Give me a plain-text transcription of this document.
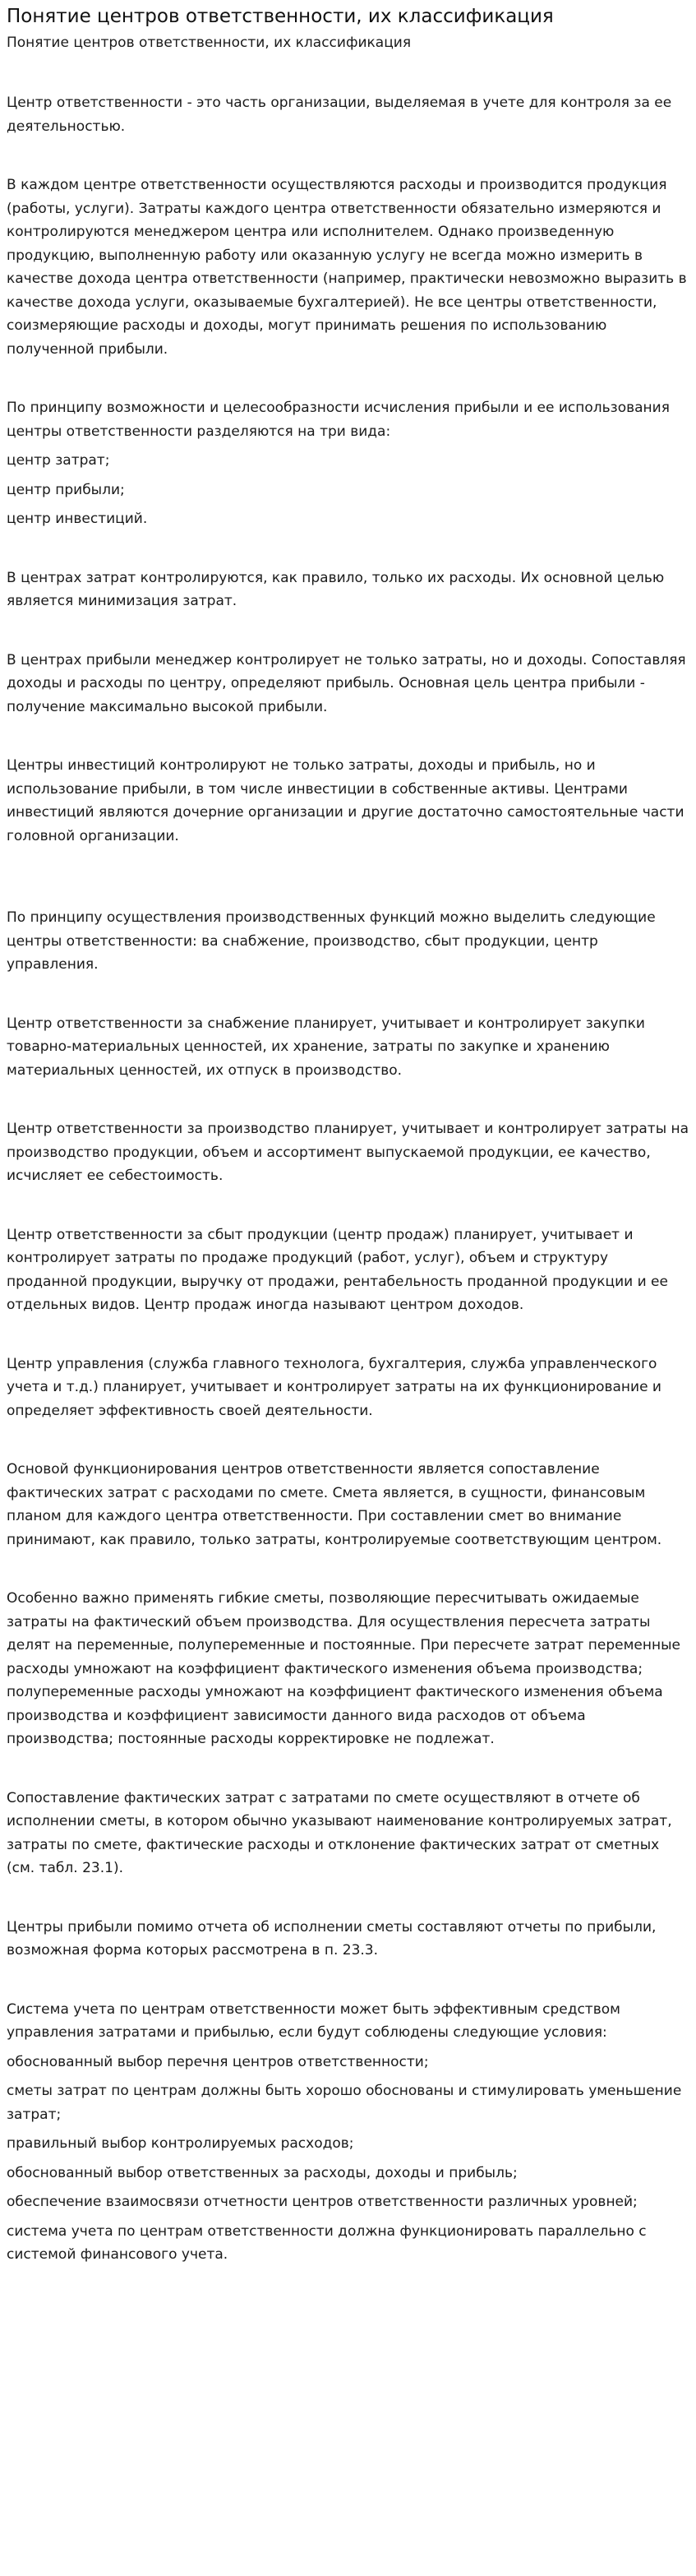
Понятие центров ответственности, их классификация
Понятие центров ответственности, их классификация

Центр ответственности - это часть организации, выделяемая в учете для контроля за ее деятельностью.

В каждом центре ответственности осуществляются расходы и производится продукция (работы, услуги). Затраты каждого центра ответственности обязательно измеряются и контролируются менеджером центра или исполнителем. Однако произведенную продукцию, выполненную работу или оказанную услугу не всегда можно измерить в качестве дохода центра ответственности (например, практически невозможно выразить в качестве дохода услуги, оказываемые бухгалтерией). Не все центры ответственности, соизмеряющие расходы и доходы, могут принимать решения по использованию полученной прибыли.

По принципу возможности и целесообразности исчисления прибыли и ее использования центры ответственности разделяются на три вида:

центр затрат;

центр прибыли;

центр инвестиций.

В центрах затрат контролируются, как правило, только их расходы. Их основной целью является минимизация затрат.

В центрах прибыли менеджер контролирует не только затраты, но и доходы. Сопоставляя доходы и расходы по центру, определяют прибыль. Основная цель центра прибыли - получение максимально высокой прибыли.

Центры инвестиций контролируют не только затраты, доходы и прибыль, но и использование прибыли, в том числе инвестиции в собственные активы. Центрами инвестиций являются дочерние организации и другие достаточно самостоятельные части головной организации.

По принципу осуществления производственных функций можно выделить следующие центры ответственности: ва снабжение, производство, сбыт продукции, центр управления.

Центр ответственности за снабжение планирует, учитывает и контролирует закупки товарно-материальных ценностей, их хранение, затраты по закупке и хранению материальных ценностей, их отпуск в производство.

Центр ответственности за производство планирует, учитывает и контролирует затраты на производство продукции, объем и ассортимент выпускаемой продукции, ее качество, исчисляет ее себестоимость.

Центр ответственности за сбыт продукции (центр продаж) планирует, учитывает и контролирует затраты по продаже продукций (работ, услуг), объем и структуру проданной продукции, выручку от продажи, рентабельность проданной продукции и ее отдельных видов. Центр продаж иногда называют центром доходов.

Центр управления (служба главного технолога, бухгалтерия, служба управленческого учета и т.д.) планирует, учитывает и контролирует затраты на их функционирование и определяет эффективность своей деятельности.

Основой функционирования центров ответственности является сопоставление фактических затрат с расходами по смете. Смета является, в сущности, финансовым планом для каждого центра ответственности. При составлении смет во внимание принимают, как правило, только затраты, контролируемые соответствующим центром.

Особенно важно применять гибкие сметы, позволяющие пересчитывать ожидаемые затраты на фактический объем производства. Для осуществления пересчета затраты делят на переменные, полупеременные и постоянные. При пересчете затрат переменные расходы умножают на коэффициент фактического изменения объема производства; полупеременные расходы умножают на коэффициент фактического изменения объема производства и коэффициент зависимости данного вида расходов от объема производства; постоянные расходы корректировке не подлежат.

Сопоставление фактических затрат с затратами по смете осуществляют в отчете об исполнении сметы, в котором обычно указывают наименование контролируемых затрат, затраты по смете, фактические расходы и отклонение фактических затрат от сметных (см. табл. 23.1).

Центры прибыли помимо отчета об исполнении сметы составляют отчеты по прибыли, возможная форма которых рассмотрена в п. 23.3.

Система учета по центрам ответственности может быть эффективным средством управления затратами и прибылью, если будут соблюдены следующие условия:

обоснованный выбор перечня центров ответственности;

сметы затрат по центрам должны быть хорошо обоснованы и стимулировать уменьшение затрат;

правильный выбор контролируемых расходов;

обоснованный выбор ответственных за расходы, доходы и прибыль;

обеспечение взаимосвязи отчетности центров ответственности различных уровней;

система учета по центрам ответственности должна функционировать параллельно с системой финансового учета.
